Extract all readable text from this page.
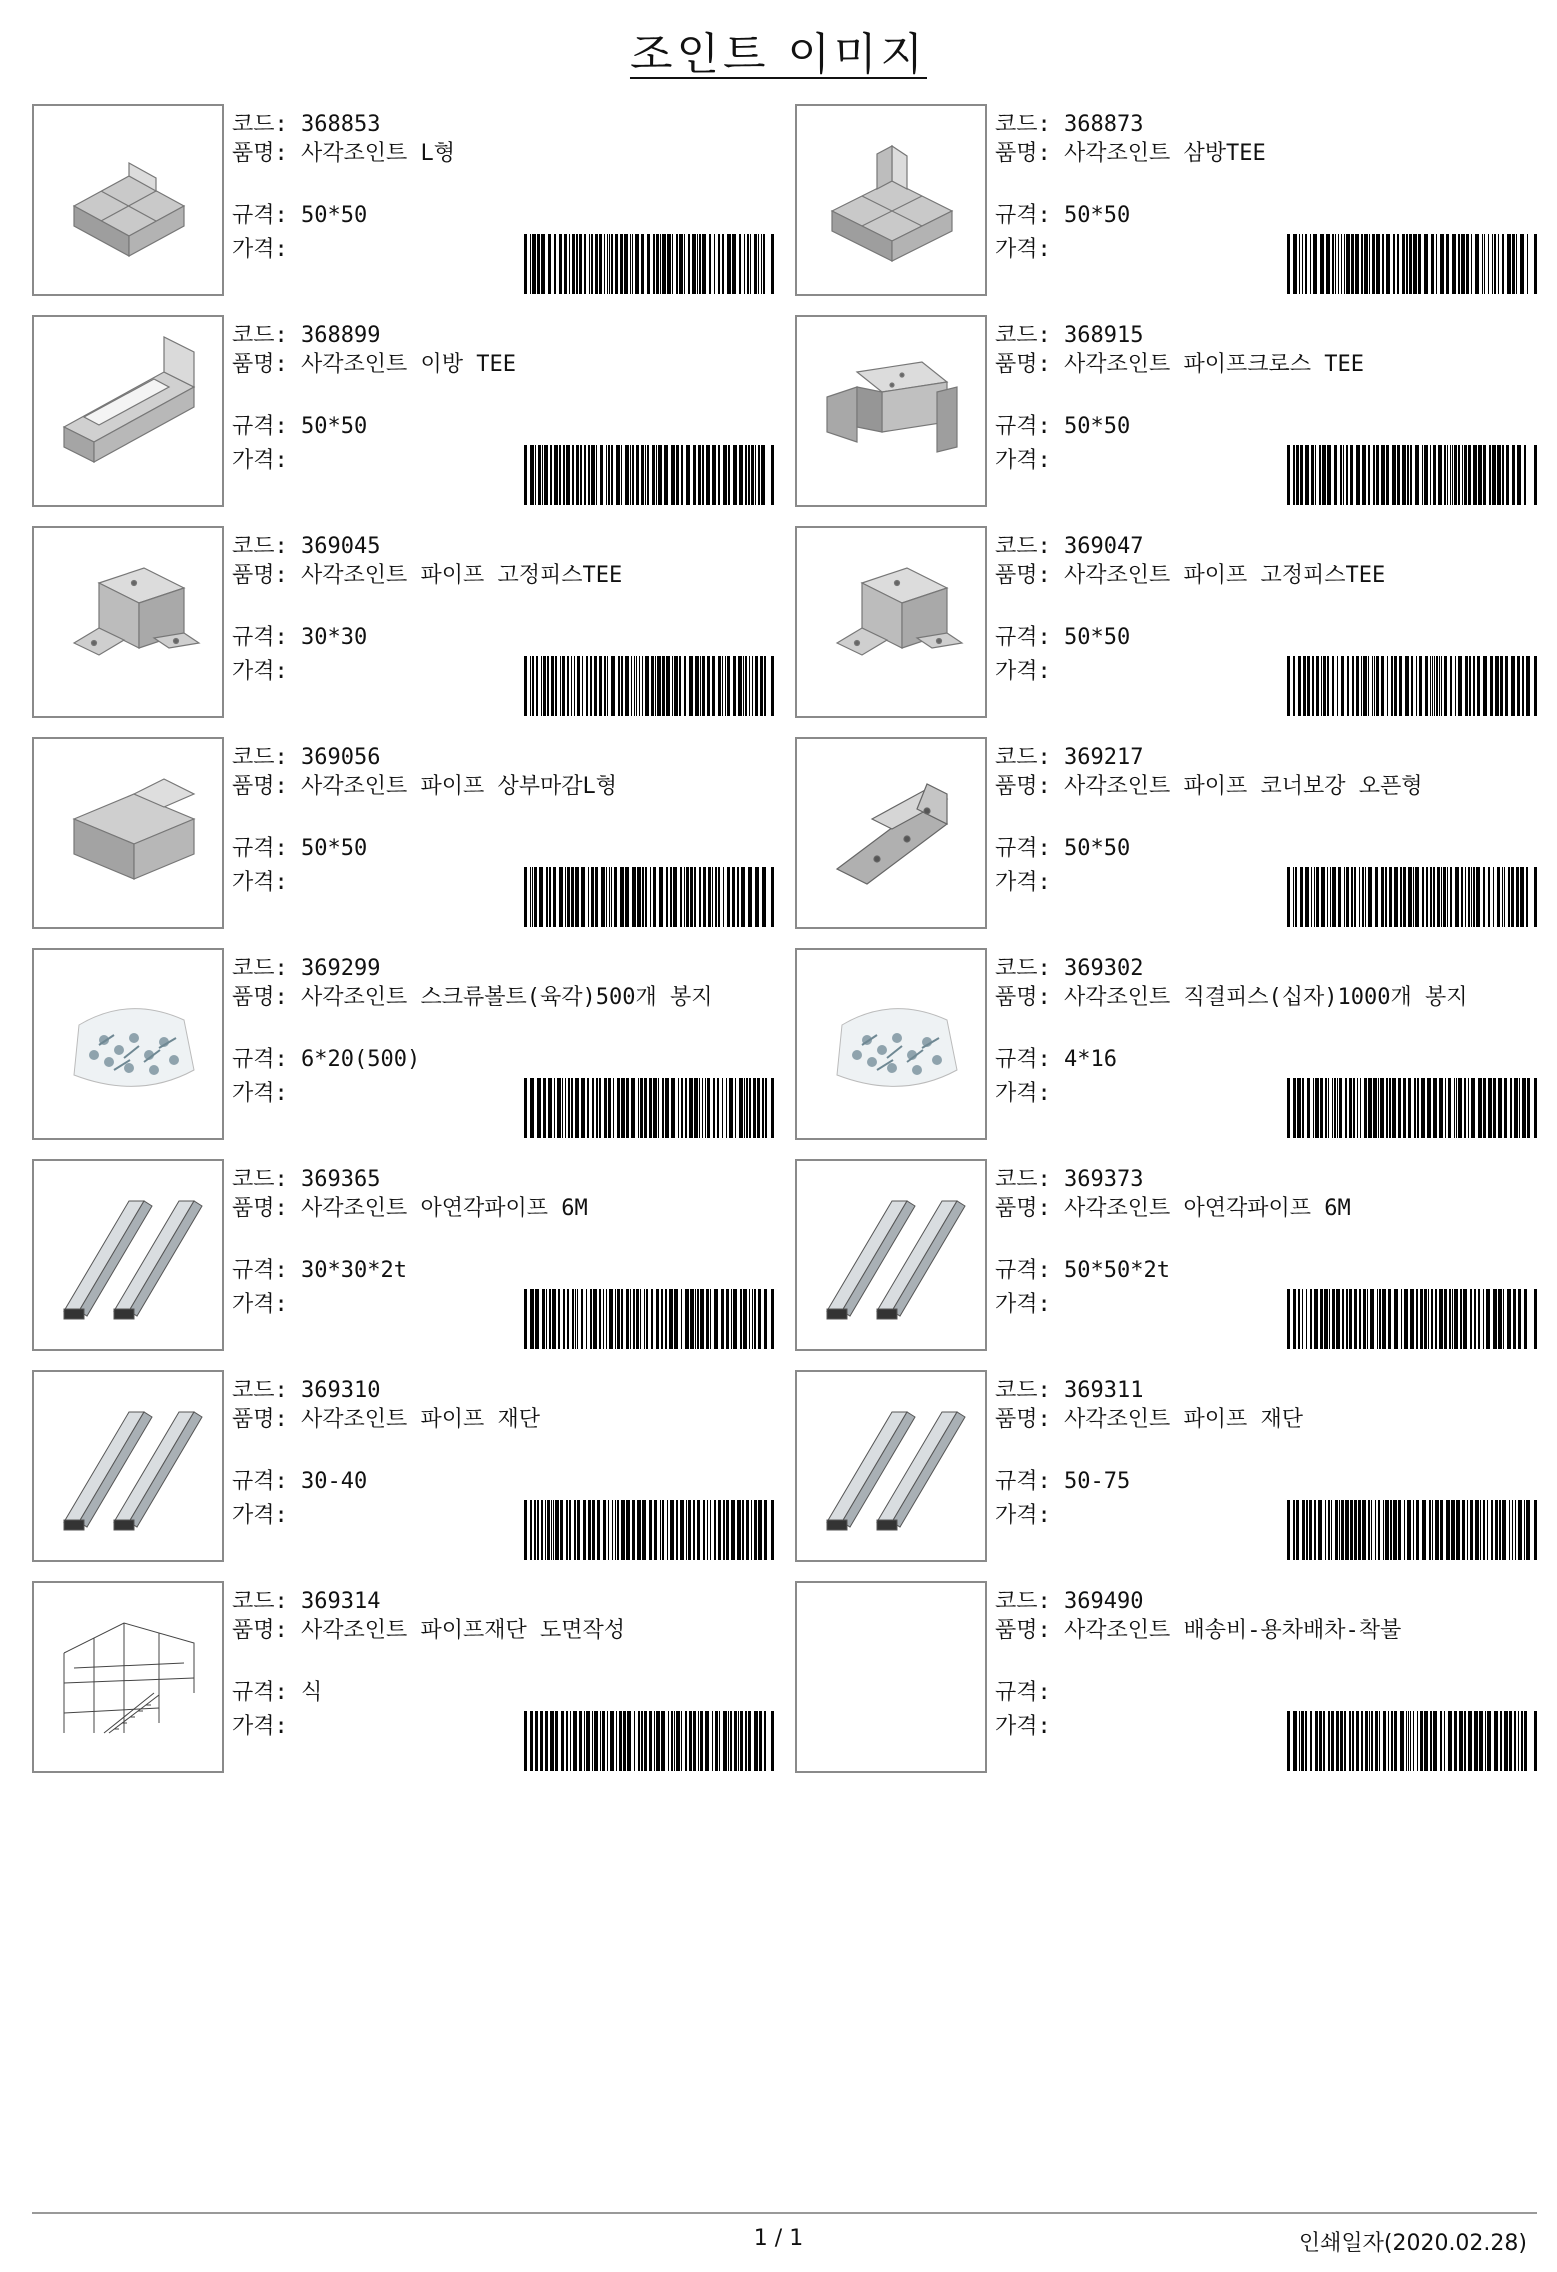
조인트 이미지
코드: 368853
품명: 사각조인트 L형
규격: 50*50
가격:
코드: 368873
품명: 사각조인트 삼방TEE
규격: 50*50
가격:
코드: 368899
품명: 사각조인트 이방 TEE
규격: 50*50
가격:
코드: 368915
품명: 사각조인트 파이프크로스 TEE
규격: 50*50
가격:
코드: 369045
품명: 사각조인트 파이프 고정피스TEE
규격: 30*30
가격:
코드: 369047
품명: 사각조인트 파이프 고정피스TEE
규격: 50*50
가격:
코드: 369056
품명: 사각조인트 파이프 상부마감L형
규격: 50*50
가격:
코드: 369217
품명: 사각조인트 파이프 코너보강 오픈형
규격: 50*50
가격:
코드: 369299
품명: 사각조인트 스크류볼트(육각)500개 봉지
규격: 6*20(500)
가격:
코드: 369302
품명: 사각조인트 직결피스(십자)1000개 봉지
규격: 4*16
가격:
코드: 369365
품명: 사각조인트 아연각파이프 6M
규격: 30*30*2t
가격:
코드: 369373
품명: 사각조인트 아연각파이프 6M
규격: 50*50*2t
가격:
코드: 369310
품명: 사각조인트 파이프 재단
규격: 30-40
가격:
코드: 369311
품명: 사각조인트 파이프 재단
규격: 50-75
가격:
코드: 369314
품명: 사각조인트 파이프재단 도면작성
규격: 식
가격:
코드: 369490
품명: 사각조인트 배송비-용차배차-착불
규격:
가격:
1 / 1	인쇄일자(2020.02.28)
